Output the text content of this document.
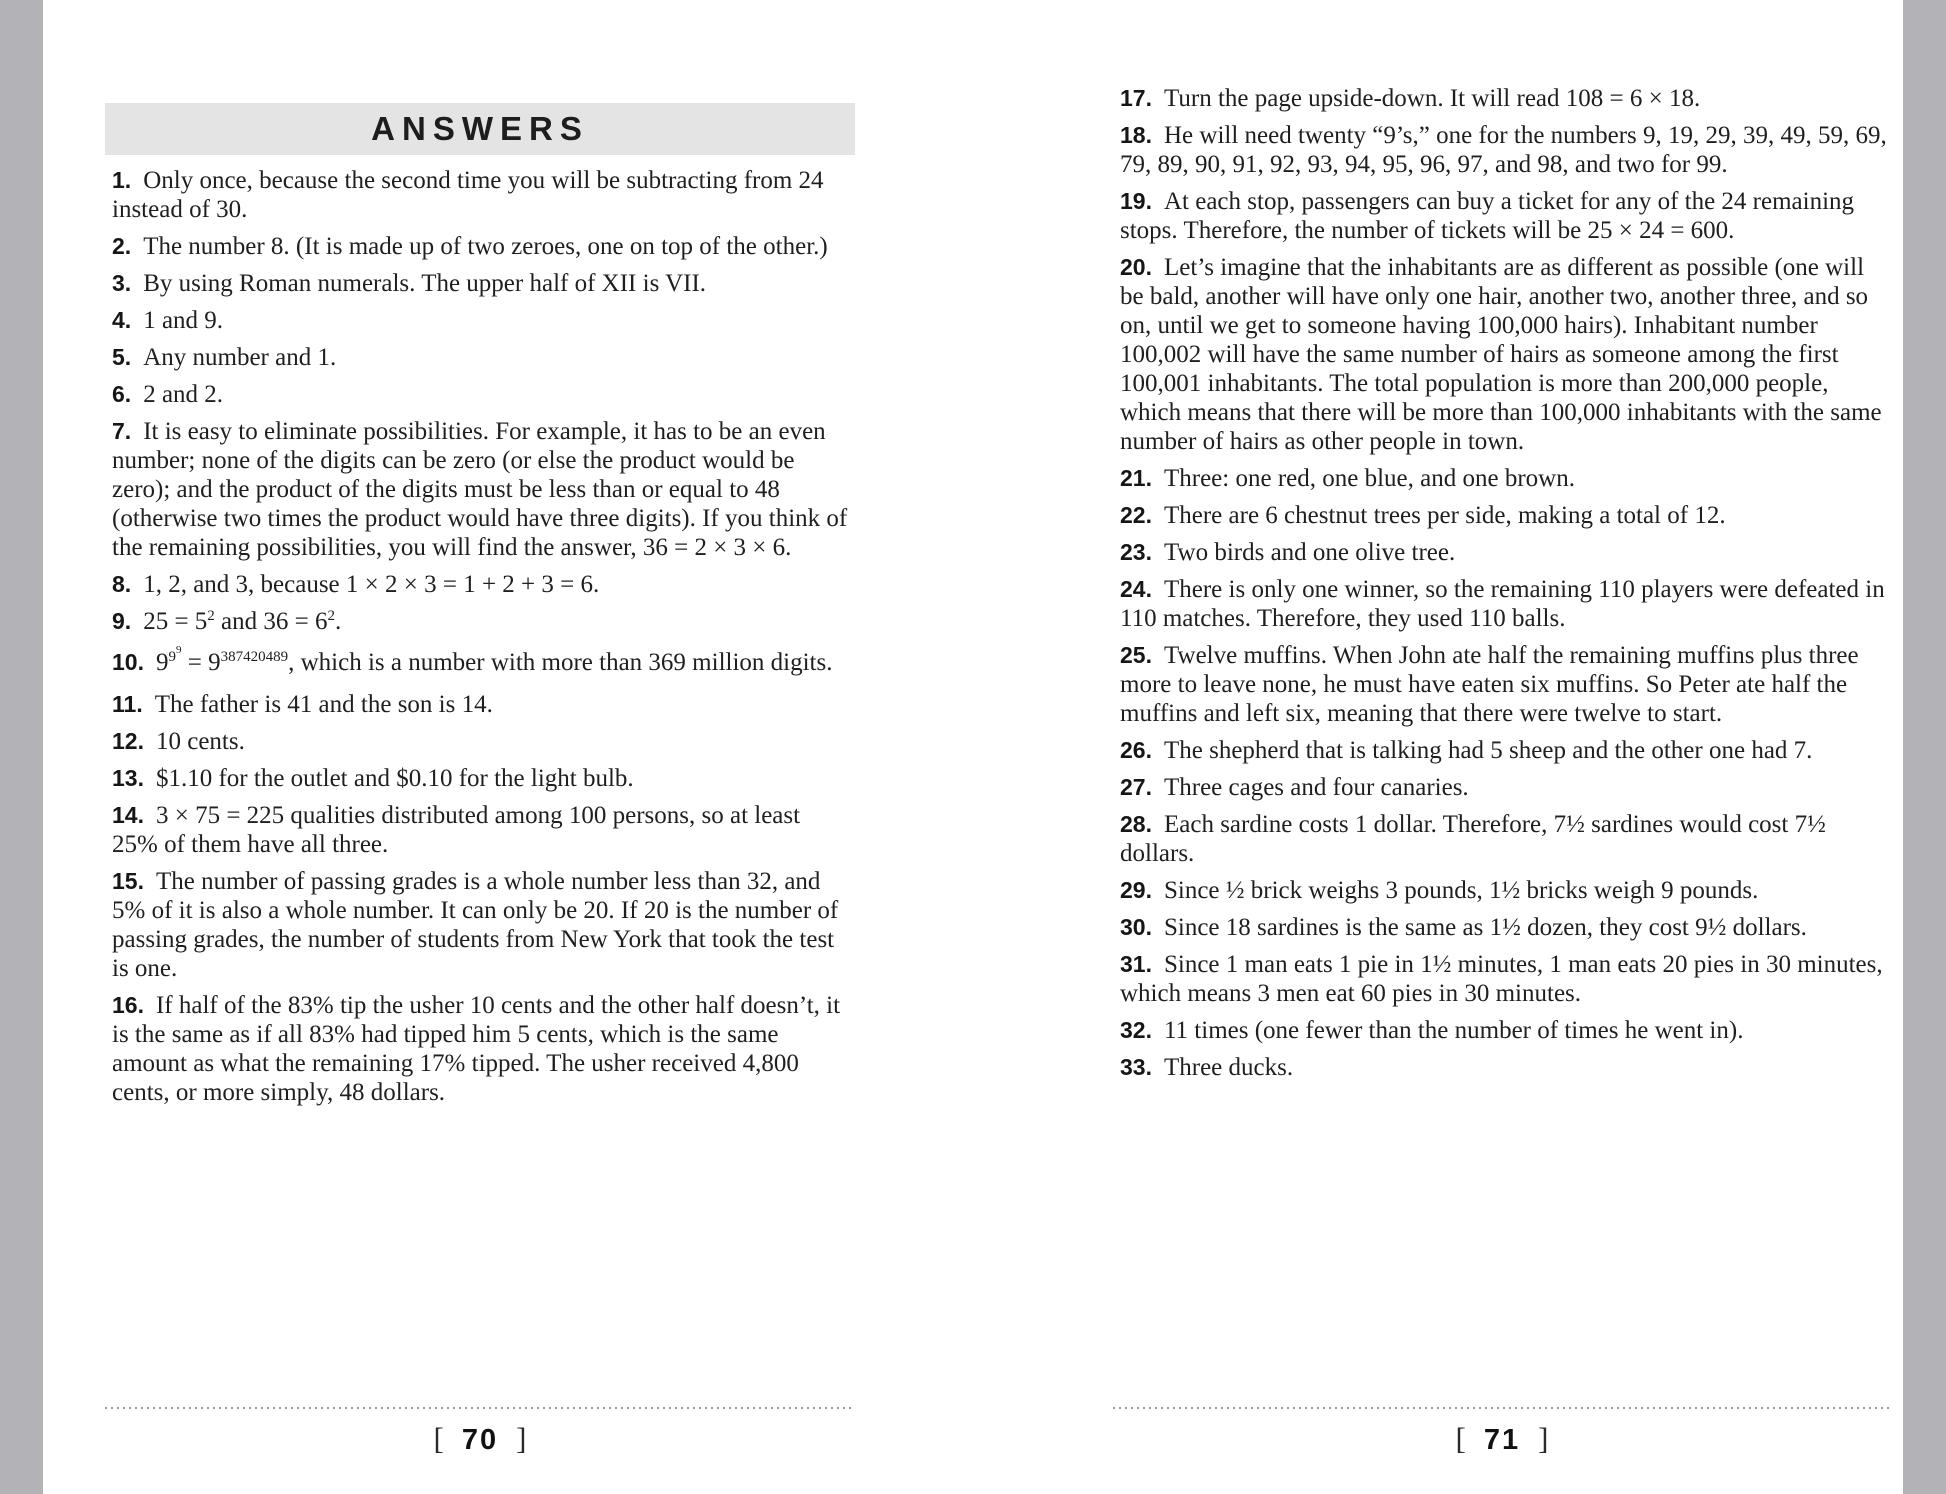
ANSWERS
1. Only once, because the second time you will be subtracting from 24 instead of 30.
2. The number 8. (It is made up of two zeroes, one on top of the other.)
3. By using Roman numerals. The upper half of XII is VII.
4. 1 and 9.
5. Any number and 1.
6. 2 and 2.
7. It is easy to eliminate possibilities. For example, it has to be an even number; none of the digits can be zero (or else the product would be zero); and the product of the digits must be less than or equal to 48 (otherwise two times the product would have three digits). If you think of the remaining possibilities, you will find the answer, 36 = 2 × 3 × 6.
8. 1, 2, and 3, because 1 × 2 × 3 = 1 + 2 + 3 = 6.
9. $25 = 5^2$ and $36 = 6^2$.
10. $9^{99} = 9^{387420489}$, which is a number with more than 369 million digits.
11. The father is 41 and the son is 14.
12. 10 cents.
13. $1.10 for the outlet and $0.10 for the light bulb.
14. 3 × 75 = 225 qualities distributed among 100 persons, so at least 25% of them have all three.
15. The number of passing grades is a whole number less than 32, and 5% of it is also a whole number. It can only be 20. If 20 is the number of passing grades, the number of students from New York that took the test is one.
16. If half of the 83% tip the usher 10 cents and the other half doesn’t, it is the same as if all 83% had tipped him 5 cents, which is the same amount as what the remaining 17% tipped. The usher received 4,800 cents, or more simply, 48 dollars.
17. Turn the page upside-down. It will read 108 = 6 × 18.
18. He will need twenty “9’s,” one for the numbers 9, 19, 29, 39, 49, 59, 69, 79, 89, 90, 91, 92, 93, 94, 95, 96, 97, and 98, and two for 99.
19. At each stop, passengers can buy a ticket for any of the 24 remaining stops. Therefore, the number of tickets will be 25 × 24 = 600.
20. Let’s imagine that the inhabitants are as different as possible (one will be bald, another will have only one hair, another two, another three, and so on, until we get to someone having 100,000 hairs). Inhabitant number 100,002 will have the same number of hairs as someone among the first 100,001 inhabitants. The total population is more than 200,000 people, which means that there will be more than 100,000 inhabitants with the same number of hairs as other people in town.
21. Three: one red, one blue, and one brown.
22. There are 6 chestnut trees per side, making a total of 12.
23. Two birds and one olive tree.
24. There is only one winner, so the remaining 110 players were defeated in 110 matches. Therefore, they used 110 balls.
25. Twelve muffins. When John ate half the remaining muffins plus three more to leave none, he must have eaten six muffins. So Peter ate half the muffins and left six, meaning that there were twelve to start.
26. The shepherd that is talking had 5 sheep and the other one had 7.
27. Three cages and four canaries.
28. Each sardine costs 1 dollar. Therefore, 7½ sardines would cost 7½ dollars.
29. Since ½ brick weighs 3 pounds, 1½ bricks weigh 9 pounds.
30. Since 18 sardines is the same as 1½ dozen, they cost 9½ dollars.
31. Since 1 man eats 1 pie in 1½ minutes, 1 man eats 20 pies in 30 minutes, which means 3 men eat 60 pies in 30 minutes.
32. 11 times (one fewer than the number of times he went in).
33. Three ducks.
[ 70 ]	[ 71 ]
